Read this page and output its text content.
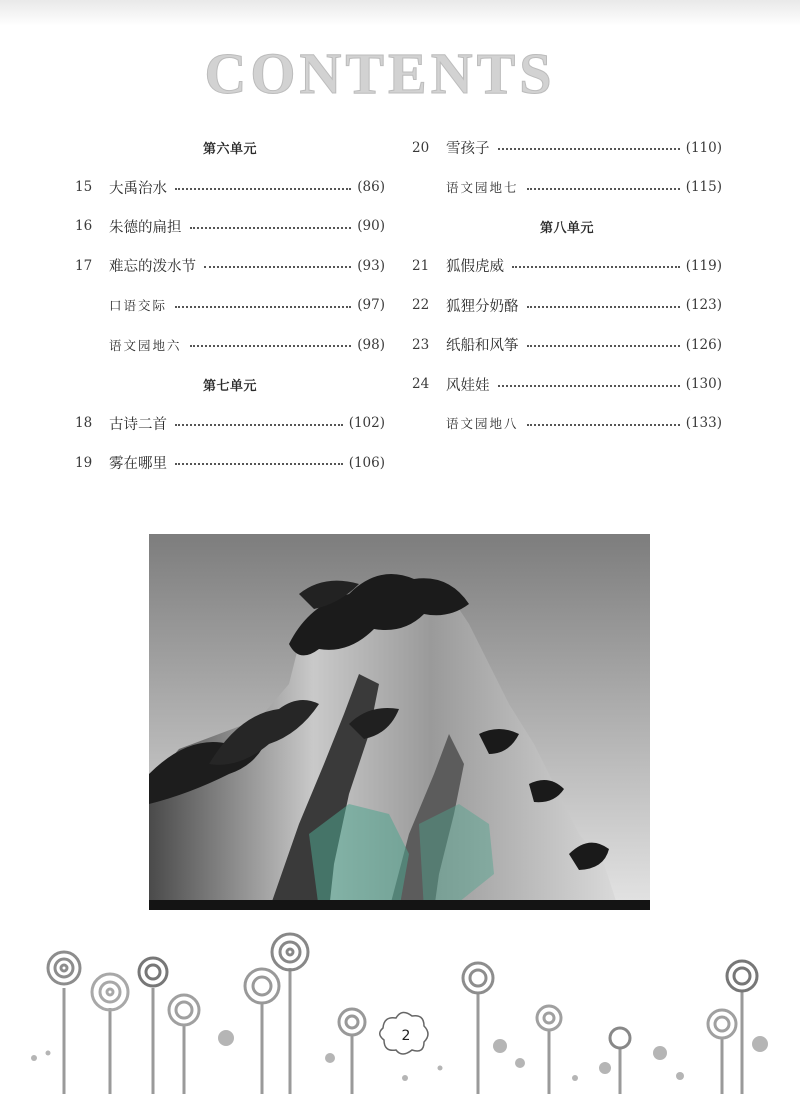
CONTENTS
第六单元
15	大禹治水	(86)
16	朱德的扁担	(90)
17	难忘的泼水节	(93)
口语交际	(97)
语文园地六	(98)
第七单元
18	古诗二首	(102)
19	雾在哪里	(106)
20	雪孩子	(110)
语文园地七	(115)
第八单元
21	狐假虎威	(119)
22	狐狸分奶酪	(123)
23	纸船和风筝	(126)
24	风娃娃	(130)
语文园地八	(133)
2
